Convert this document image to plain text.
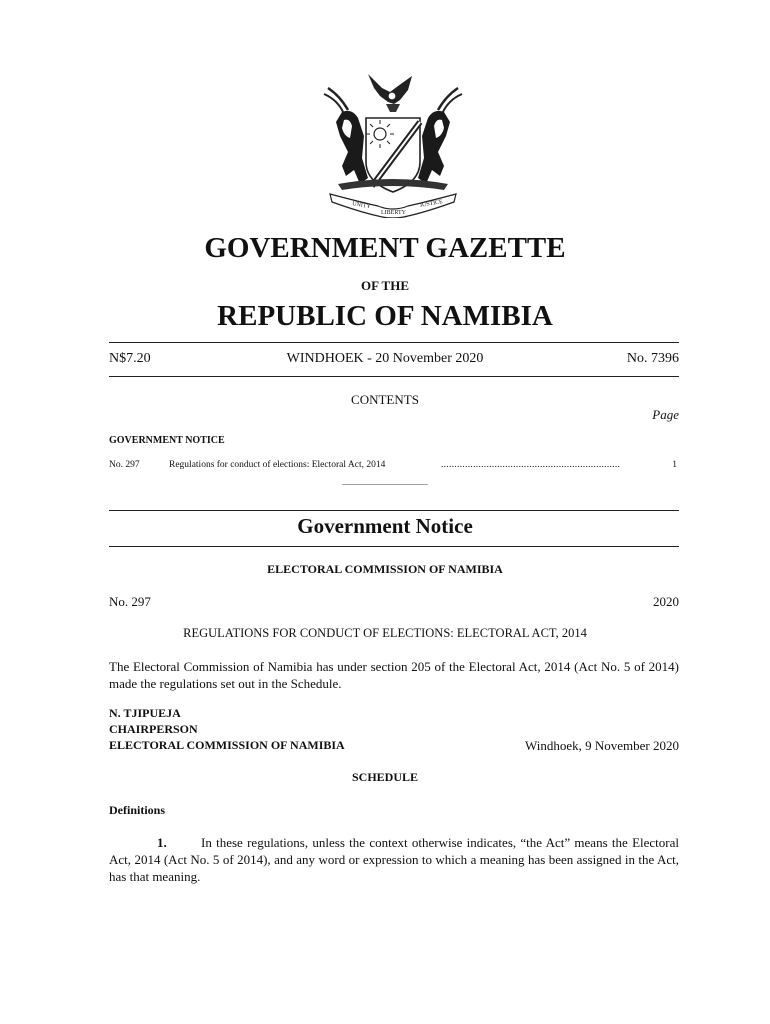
UNITY
LIBERTY
JUSTICE
GOVERNMENT GAZETTE
OF THE
REPUBLIC OF NAMIBIA
N$7.20	WINDHOEK - 20 November 2020	No. 7396
CONTENTS
Page
GOVERNMENT NOTICE
No. 297	Regulations for conduct of elections: Electoral Act, 2014	...................................................................	1
___________________
Government Notice
ELECTORAL COMMISSION OF NAMIBIA
No. 297	2020
REGULATIONS FOR CONDUCT OF ELECTIONS: ELECTORAL ACT, 2014
The Electoral Commission of Namibia has under section 205 of the Electoral Act, 2014 (Act No. 5 of 2014) made the regulations set out in the Schedule.
N. TJIPUEJA
CHAIRPERSON
ELECTORAL COMMISSION OF NAMIBIA	Windhoek, 9 November 2020
SCHEDULE
Definitions
1.	In these regulations, unless the context otherwise indicates, “the Act” means the Electoral Act, 2014 (Act No. 5 of 2014), and any word or expression to which a meaning has been assigned in the Act, has that meaning.
